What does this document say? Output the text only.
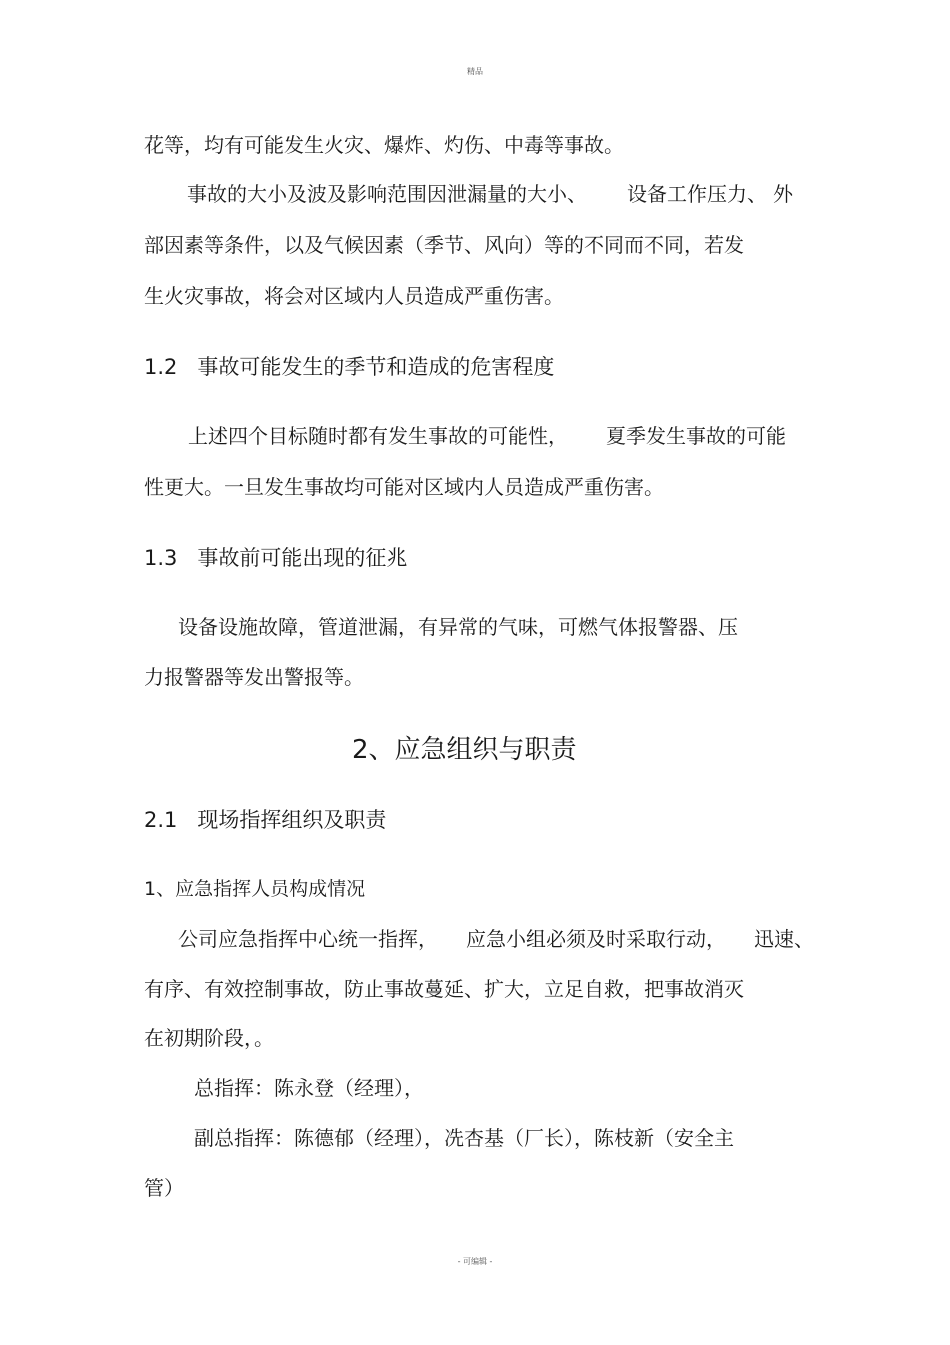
精品
花等，均有可能发生火灾、爆炸、灼伤、中毒等事故。
事故的大小及波及影响范围因泄漏量的大小、 设备工作压力、 外
部因素等条件，以及气候因素（季节、风向）等的不同而不同，若发
生火灾事故，将会对区域内人员造成严重伤害。
1.2 事故可能发生的季节和造成的危害程度
上述四个目标随时都有发生事故的可能性， 夏季发生事故的可能
性更大。一旦发生事故均可能对区域内人员造成严重伤害。
1.3 事故前可能出现的征兆
设备设施故障，管道泄漏，有异常的气味，可燃气体报警器、压
力报警器等发出警报等。
2、应急组织与职责
2.1 现场指挥组织及职责
1、应急指挥人员构成情况
公司应急指挥中心统一指挥， 应急小组必须及时采取行动， 迅速、
有序、有效控制事故，防止事故蔓延、扩大，立足自救，把事故消灭
在初期阶段，。
总指挥：陈永登（经理），
副总指挥：陈德郁（经理），冼杏基（厂长），陈枝新（安全主
管）
- 可编辑 -
